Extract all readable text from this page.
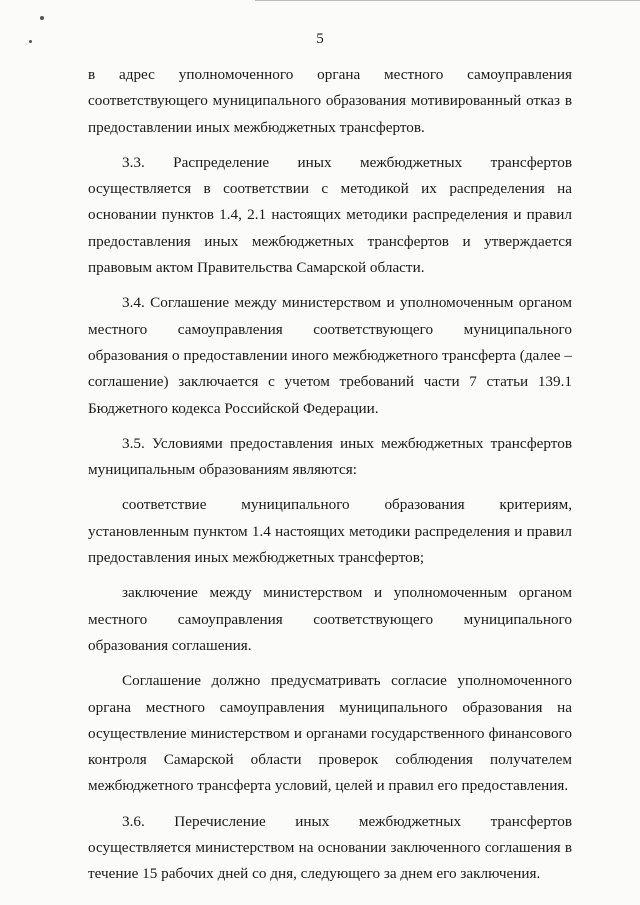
5

в адрес уполномоченного органа местного самоуправления соответствующего муниципального образования мотивированный отказ в предоставлении иных межбюджетных трансфертов.

3.3. Распределение иных межбюджетных трансфертов осуществляется в соответствии с методикой их распределения на основании пунктов 1.4, 2.1 настоящих методики распределения и правил предоставления иных межбюджетных трансфертов и утверждается правовым актом Правительства Самарской области.

3.4. Соглашение между министерством и уполномоченным органом местного самоуправления соответствующего муниципального образования о предоставлении иного межбюджетного трансферта (далее – соглашение) заключается с учетом требований части 7 статьи 139.1 Бюджетного кодекса Российской Федерации.

3.5. Условиями предоставления иных межбюджетных трансфертов муниципальным образованиям являются:

соответствие муниципального образования критериям, установленным пунктом 1.4 настоящих методики распределения и правил предоставления иных межбюджетных трансфертов;

заключение между министерством и уполномоченным органом местного самоуправления соответствующего муниципального образования соглашения.

Соглашение должно предусматривать согласие уполномоченного органа местного самоуправления муниципального образования на осуществление министерством и органами государственного финансового контроля Самарской области проверок соблюдения получателем межбюджетного трансферта условий, целей и правил его предоставления.

3.6. Перечисление иных межбюджетных трансфертов осуществляется министерством на основании заключенного соглашения в течение 15 рабочих дней со дня, следующего за днем его заключения.
